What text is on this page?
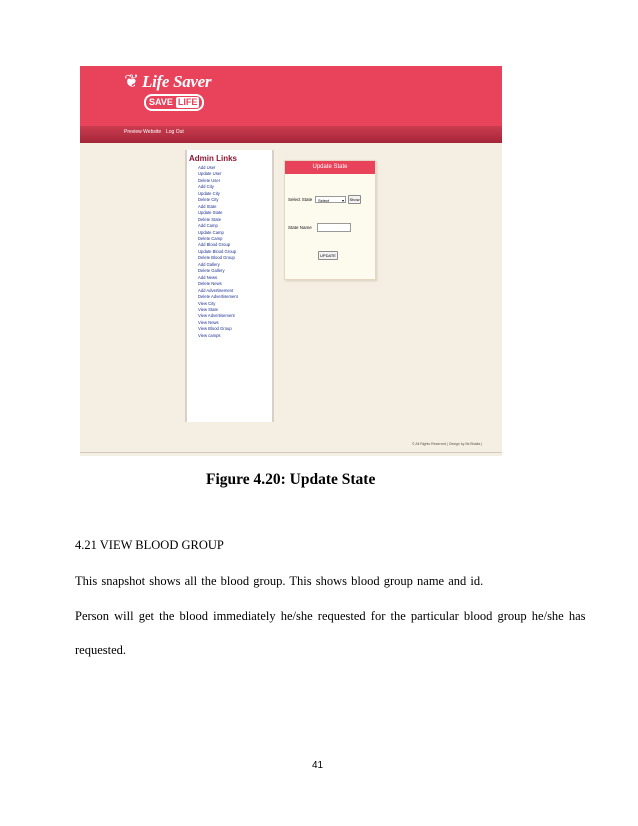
❦ Life Saver
SAVE LIFE
Preview Website Log Out
Admin Links
Add User
Update User
Delete User
Add City
Update City
Delete City
Add State
Update State
Delete State
Add Camp
Update Camp
Delete Camp
Add Blood Group
Update Blood Group
Delete Blood Group
Add Gallery
Delete Gallery
Add News
Delete News
Add Advertisement
Delete Advertisement
View City
View State
View Advertisement
View News
View Blood Group
View camps
Update State
Select State	Select	▾	Show
State Name
UPDATE
© All Rights Reserved | Design by Mr.Bhatia |
Figure 4.20: Update State
4.21 VIEW BLOOD GROUP
This snapshot shows all the blood group. This shows blood group name and id.
Person will get the blood immediately he/she requested for the particular blood group he/she has
requested.
41
